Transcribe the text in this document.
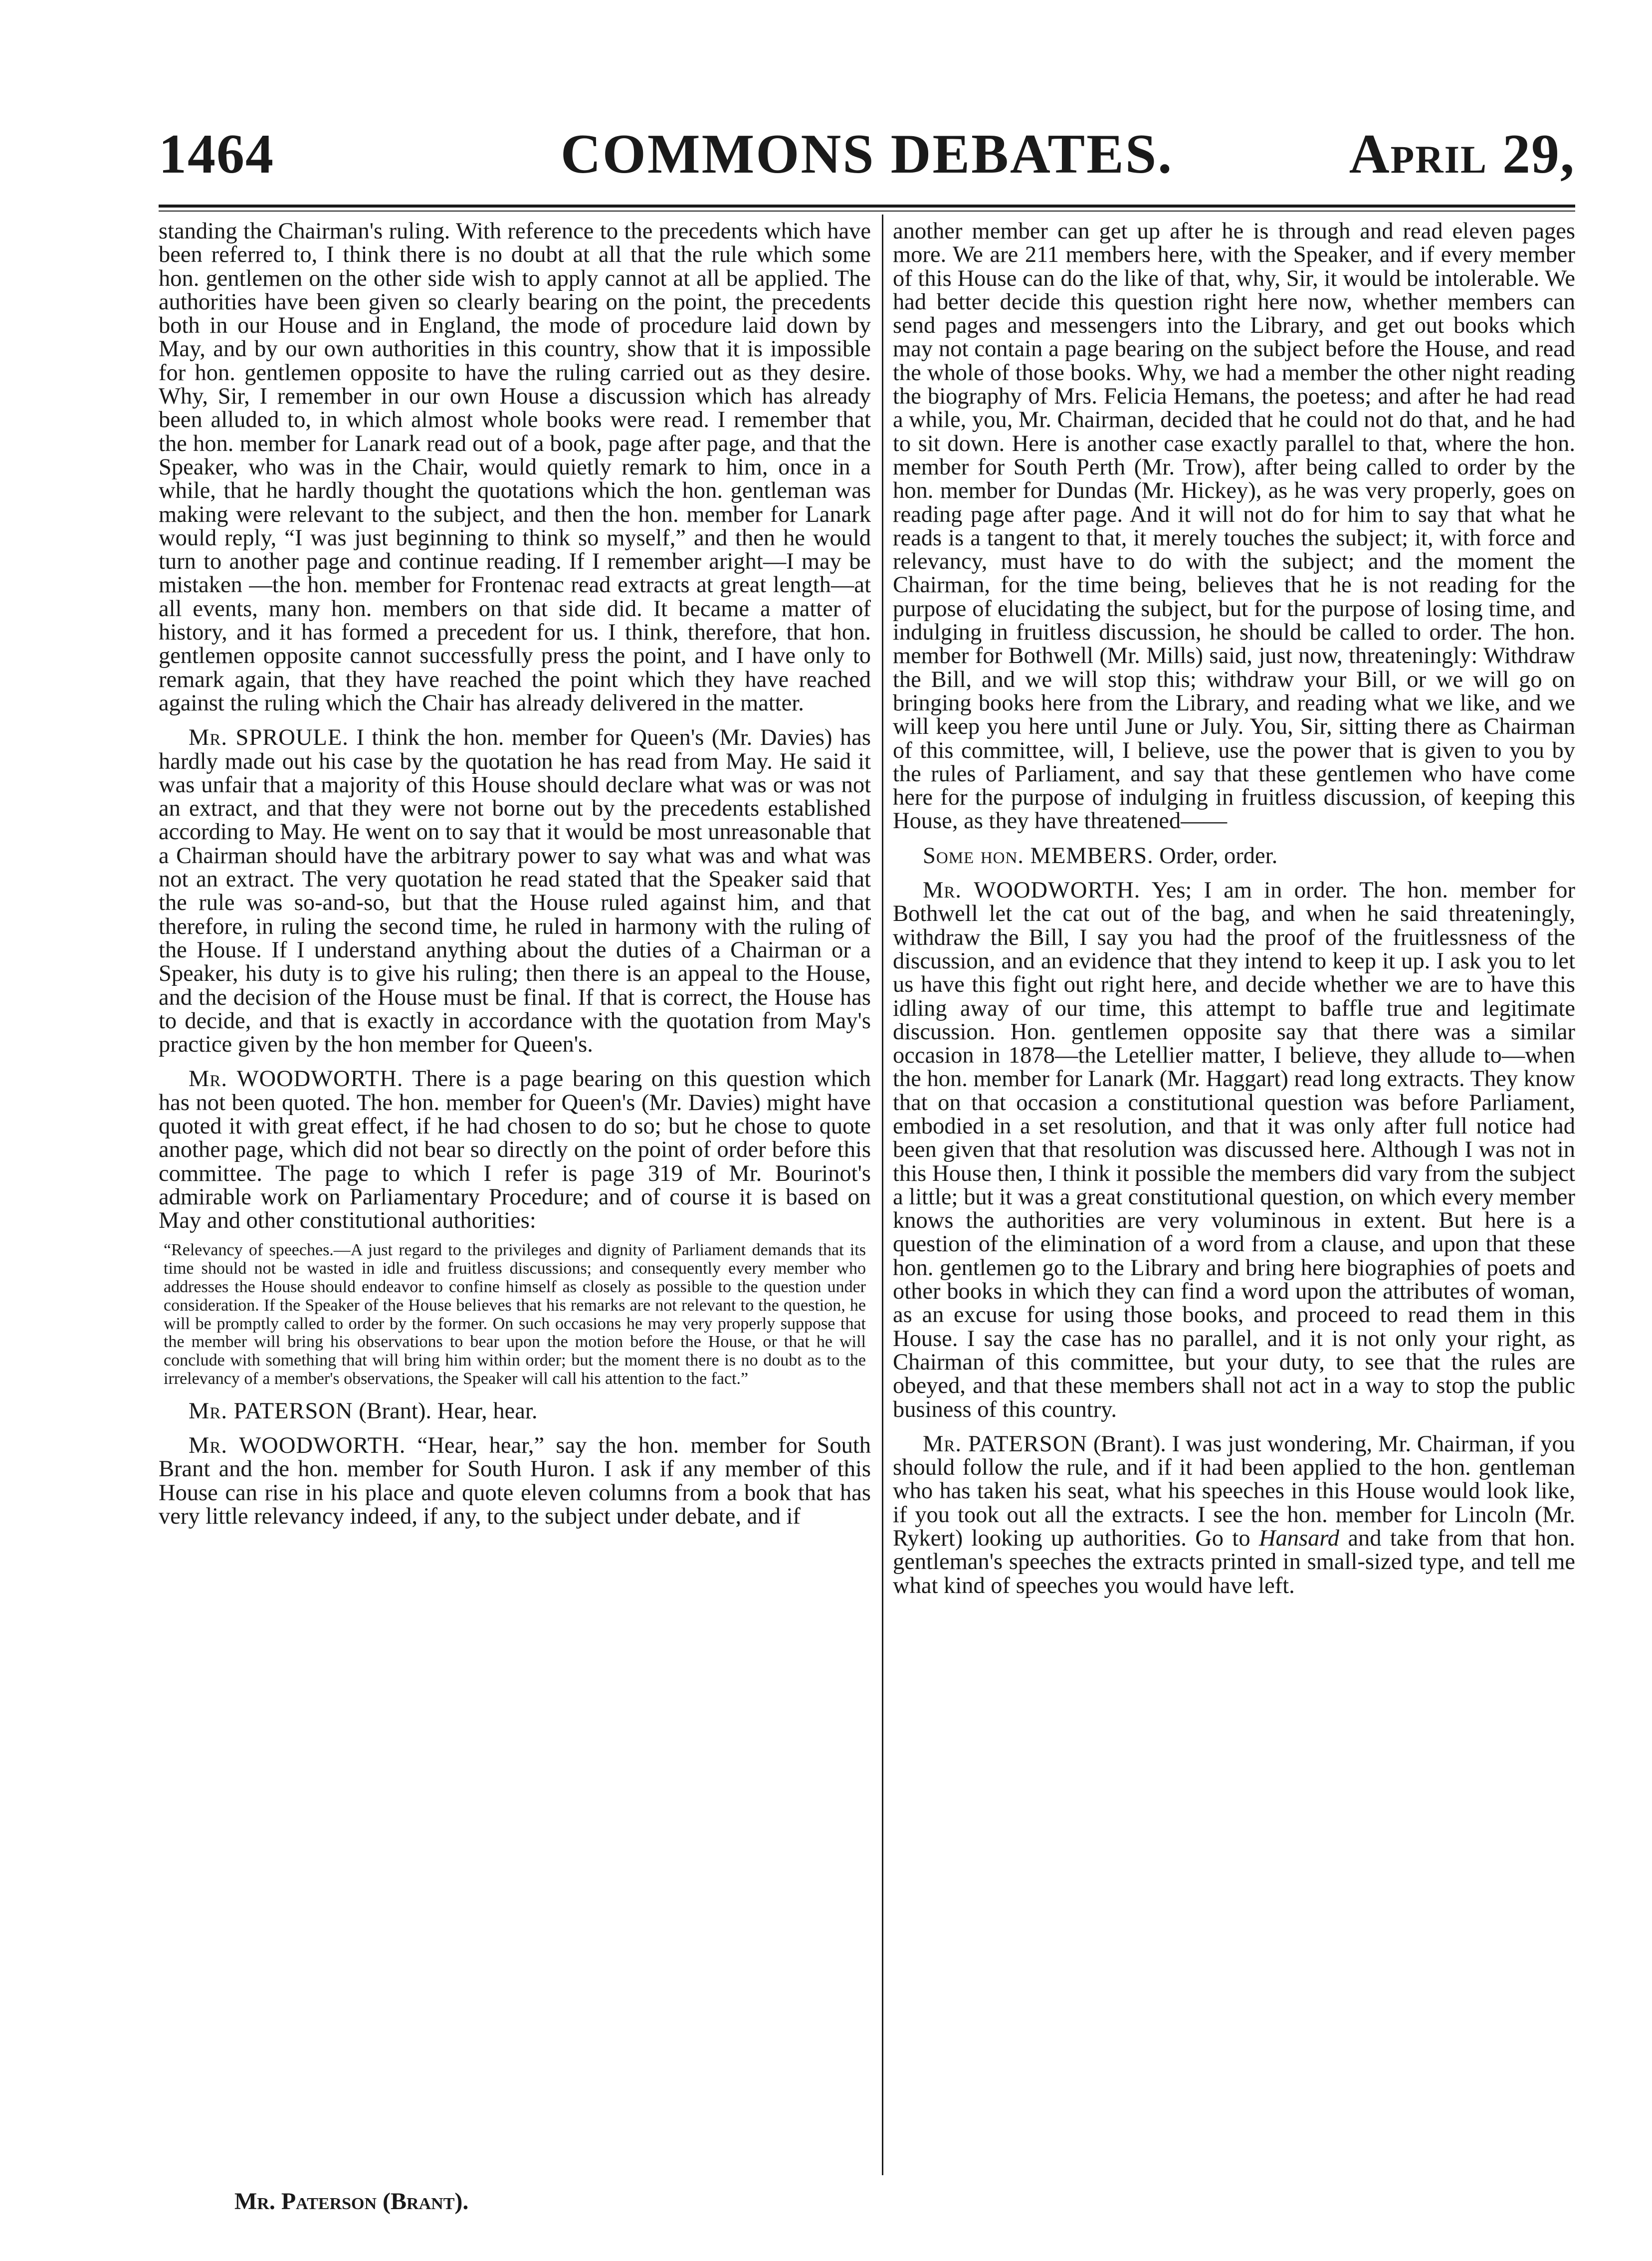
1464	COMMONS DEBATES.	April 29,

standing the Chairman's ruling. With reference to the precedents which have been referred to, I think there is no doubt at all that the rule which some hon. gentlemen on the other side wish to apply cannot at all be applied. The authorities have been given so clearly bearing on the point, the precedents both in our House and in England, the mode of procedure laid down by May, and by our own authorities in this country, show that it is impossible for hon. gentlemen opposite to have the ruling carried out as they desire. Why, Sir, I remember in our own House a discussion which has already been alluded to, in which almost whole books were read. I remember that the hon. member for Lanark read out of a book, page after page, and that the Speaker, who was in the Chair, would quietly remark to him, once in a while, that he hardly thought the quotations which the hon. gentleman was making were relevant to the subject, and then the hon. member for Lanark would reply, “I was just beginning to think so myself,” and then he would turn to another page and continue reading. If I remember aright—I may be mistaken —the hon. member for Frontenac read extracts at great length—at all events, many hon. members on that side did. It became a matter of history, and it has formed a precedent for us. I think, therefore, that hon. gentlemen opposite cannot successfully press the point, and I have only to remark again, that they have reached the point which they have reached against the ruling which the Chair has already delivered in the matter.

Mr. SPROULE. I think the hon. member for Queen's (Mr. Davies) has hardly made out his case by the quotation he has read from May. He said it was unfair that a majority of this House should declare what was or was not an extract, and that they were not borne out by the precedents established according to May. He went on to say that it would be most unreasonable that a Chairman should have the arbitrary power to say what was and what was not an extract. The very quotation he read stated that the Speaker said that the rule was so-and-so, but that the House ruled against him, and that therefore, in ruling the second time, he ruled in harmony with the ruling of the House. If I understand anything about the duties of a Chairman or a Speaker, his duty is to give his ruling; then there is an appeal to the House, and the decision of the House must be final. If that is correct, the House has to decide, and that is exactly in accordance with the quotation from May's practice given by the hon member for Queen's.

Mr. WOODWORTH. There is a page bearing on this question which has not been quoted. The hon. member for Queen's (Mr. Davies) might have quoted it with great effect, if he had chosen to do so; but he chose to quote another page, which did not bear so directly on the point of order before this committee. The page to which I refer is page 319 of Mr. Bourinot's admirable work on Parliamentary Procedure; and of course it is based on May and other constitutional authorities:

“Relevancy of speeches.—A just regard to the privileges and dignity of Parliament demands that its time should not be wasted in idle and fruitless discussions; and consequently every member who addresses the House should endeavor to confine himself as closely as possible to the question under consideration. If the Speaker of the House believes that his remarks are not relevant to the question, he will be promptly called to order by the former. On such occasions he may very properly suppose that the member will bring his observations to bear upon the motion before the House, or that he will conclude with something that will bring him within order; but the moment there is no doubt as to the irrelevancy of a member's observations, the Speaker will call his attention to the fact.”

Mr. PATERSON (Brant). Hear, hear.

Mr. WOODWORTH. “Hear, hear,” say the hon. member for South Brant and the hon. member for South Huron. I ask if any member of this House can rise in his place and quote eleven columns from a book that has very little relevancy indeed, if any, to the subject under debate, and if

another member can get up after he is through and read eleven pages more. We are 211 members here, with the Speaker, and if every member of this House can do the like of that, why, Sir, it would be intolerable. We had better decide this question right here now, whether members can send pages and messengers into the Library, and get out books which may not contain a page bearing on the subject before the House, and read the whole of those books. Why, we had a member the other night reading the biography of Mrs. Felicia Hemans, the poetess; and after he had read a while, you, Mr. Chairman, decided that he could not do that, and he had to sit down. Here is another case exactly parallel to that, where the hon. member for South Perth (Mr. Trow), after being called to order by the hon. member for Dundas (Mr. Hickey), as he was very properly, goes on reading page after page. And it will not do for him to say that what he reads is a tangent to that, it merely touches the subject; it, with force and relevancy, must have to do with the subject; and the moment the Chairman, for the time being, believes that he is not reading for the purpose of elucidating the subject, but for the purpose of losing time, and indulging in fruitless discussion, he should be called to order. The hon. member for Bothwell (Mr. Mills) said, just now, threateningly: Withdraw the Bill, and we will stop this; withdraw your Bill, or we will go on bringing books here from the Library, and reading what we like, and we will keep you here until June or July. You, Sir, sitting there as Chairman of this committee, will, I believe, use the power that is given to you by the rules of Parliament, and say that these gentlemen who have come here for the purpose of indulging in fruitless discussion, of keeping this House, as they have threatened——

Some hon. MEMBERS. Order, order.

Mr. WOODWORTH. Yes; I am in order. The hon. member for Bothwell let the cat out of the bag, and when he said threateningly, withdraw the Bill, I say you had the proof of the fruitlessness of the discussion, and an evidence that they intend to keep it up. I ask you to let us have this fight out right here, and decide whether we are to have this idling away of our time, this attempt to baffle true and legitimate discussion. Hon. gentlemen opposite say that there was a similar occasion in 1878—the Letellier matter, I believe, they allude to—when the hon. member for Lanark (Mr. Haggart) read long extracts. They know that on that occasion a constitutional question was before Parliament, embodied in a set resolution, and that it was only after full notice had been given that that resolution was discussed here. Although I was not in this House then, I think it possible the members did vary from the subject a little; but it was a great constitutional question, on which every member knows the authorities are very voluminous in extent. But here is a question of the elimination of a word from a clause, and upon that these hon. gentlemen go to the Library and bring here biographies of poets and other books in which they can find a word upon the attributes of woman, as an excuse for using those books, and proceed to read them in this House. I say the case has no parallel, and it is not only your right, as Chairman of this committee, but your duty, to see that the rules are obeyed, and that these members shall not act in a way to stop the public business of this country.

Mr. PATERSON (Brant). I was just wondering, Mr. Chairman, if you should follow the rule, and if it had been applied to the hon. gentleman who has taken his seat, what his speeches in this House would look like, if you took out all the extracts. I see the hon. member for Lincoln (Mr. Rykert) looking up authorities. Go to Hansard and take from that hon. gentleman's speeches the extracts printed in small-sized type, and tell me what kind of speeches you would have left.

Mr. Paterson (Brant).
